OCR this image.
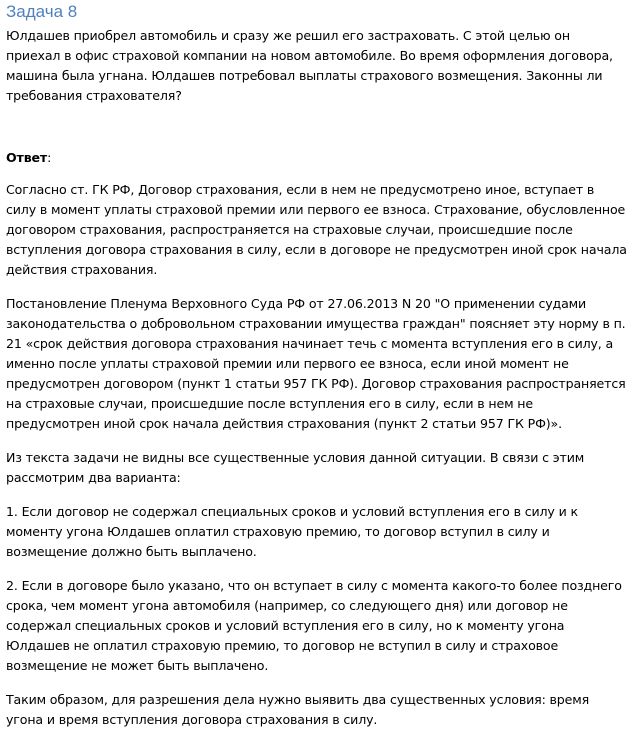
Задача 8

Юлдашев приобрел автомобиль и сразу же решил его застраховать. С этой целью он приехал в офис страховой компании на новом автомобиле. Во время оформления договора, машина была угнана. Юлдашев потребовал выплаты страхового возмещения. Законны ли требования страхователя?

Ответ:

Согласно ст. ГК РФ, Договор страхования, если в нем не предусмотрено иное, вступает в силу в момент уплаты страховой премии или первого ее взноса. Страхование, обусловленное договором страхования, распространяется на страховые случаи, происшедшие после вступления договора страхования в силу, если в договоре не предусмотрен иной срок начала действия страхования.

Постановление Пленума Верховного Суда РФ от 27.06.2013 N 20 "О применении судами законодательства о добровольном страховании имущества граждан" поясняет эту норму в п. 21 «срок действия договора страхования начинает течь с момента вступления его в силу, а именно после уплаты страховой премии или первого ее взноса, если иной момент не предусмотрен договором (пункт 1 статьи 957 ГК РФ). Договор страхования распространяется на страховые случаи, происшедшие после вступления его в силу, если в нем не предусмотрен иной срок начала действия страхования (пункт 2 статьи 957 ГК РФ)».

Из текста задачи не видны все существенные условия данной ситуации. В связи с этим рассмотрим два варианта:

1. Если договор не содержал специальных сроков и условий вступления его в силу и к моменту угона Юлдашев оплатил страховую премию, то договор вступил в силу и возмещение должно быть выплачено.

2. Если в договоре было указано, что он вступает в силу с момента какого-то более позднего срока, чем момент угона автомобиля (например, со следующего дня) или договор не содержал специальных сроков и условий вступления его в силу, но к моменту угона Юлдашев не оплатил страховую премию, то договор не вступил в силу и страховое возмещение не может быть выплачено.

Таким образом, для разрешения дела нужно выявить два существенных условия: время угона и время вступления договора страхования в силу.
